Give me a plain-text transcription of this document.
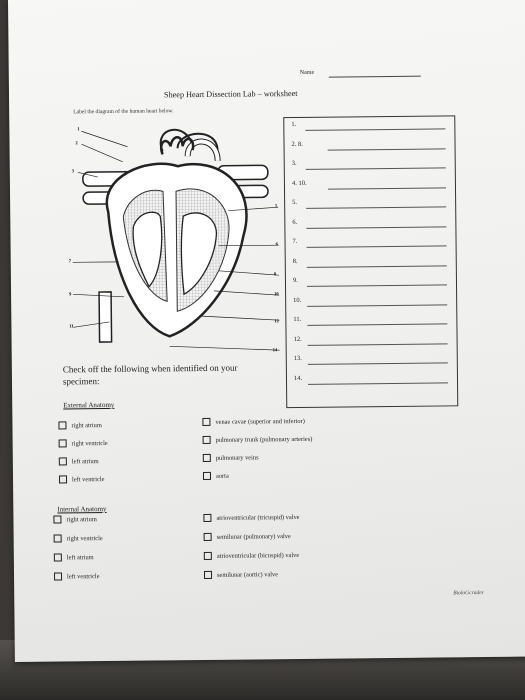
Name
Sheep Heart Dissection Lab – worksheet
Label the diagram of the human heart below.
1
2
3
5
6
7
8
9	10
11
12
14
1.
2. 8.
3.
4. 10.
5.
6.
7.
8.
9.
10.
11.
12.
13.
14.
Check off the following when identified on your specimen:
External Anatomy
right atrium
right ventricle
left atrium
left ventricle
venae cavae (superior and inferior)
pulmonary trunk (pulmonary arteries)
pulmonary veins
aorta
Internal Anatomy
right atrium
right ventricle
left atrium
left ventricle
atrioventricular (tricuspid) valve
semilunar (pulmonary) valve
atrioventricular (bicuspid) valve
semilunar (aortic) valve
BioloGcrader
